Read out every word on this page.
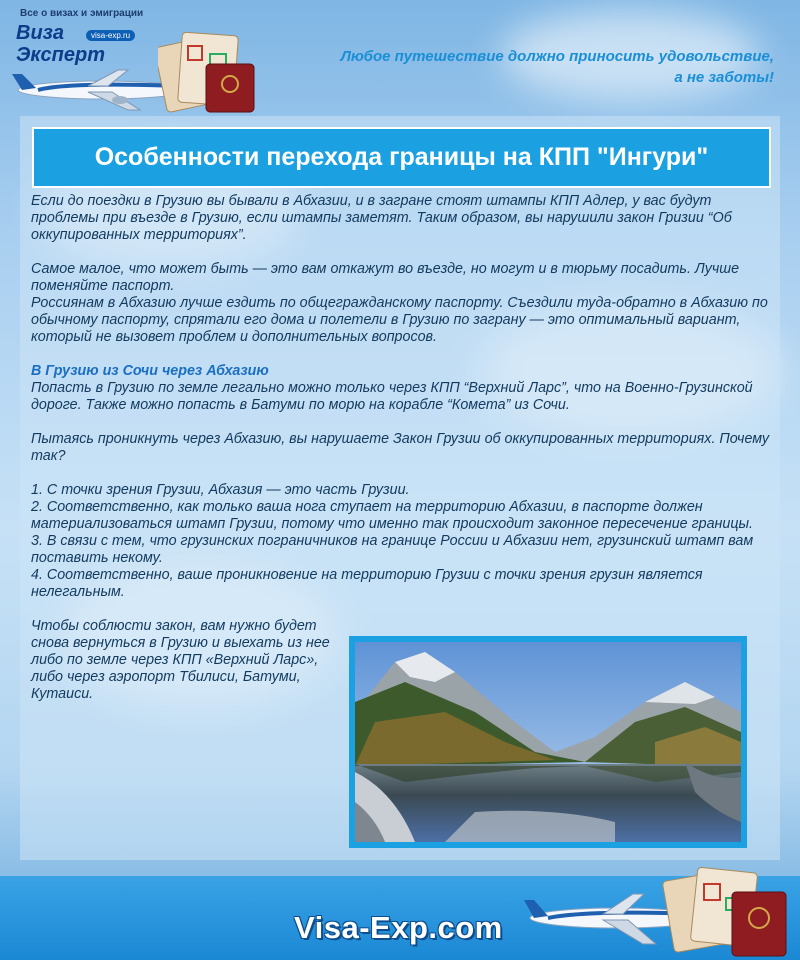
Все о визах и эмиграции
Виза	visa-exp.ru
Эксперт	Любое путешествие должно приносить удовольствие,
а не заботы!
Особенности перехода границы на КПП "Ингури"

Если до поездки в Грузию вы бывали в Абхазии, и в загране стоят штампы КПП Адлер, у вас будут проблемы при въезде в Грузию, если штампы заметят. Таким образом, вы нарушили закон Гризии “Об оккупированных территориях”.

Самое малое, что может быть — это вам откажут во въезде, но могут и в тюрьму посадить. Лучше поменяйте паспорт.

Россиянам в Абхазию лучше ездить по общегражданскому паспорту. Съездили туда-обратно в Абхазию по обычному паспорту, спрятали его дома и полетели в Грузию по заграну — это оптимальный вариант, который не вызовет проблем и дополнительных вопросов.

В Грузию из Сочи через Абхазию

Попасть в Грузию по земле легально можно только через КПП “Верхний Ларс”, что на Военно-Грузинской дороге. Также можно попасть в Батуми по морю на корабле “Комета” из Сочи.

Пытаясь проникнуть через Абхазию, вы нарушаете Закон Грузии об оккупированных территориях. Почему так?

1. С точки зрения Грузии, Абхазия — это часть Грузии.
2. Соответственно, как только ваша нога ступает на территорию Абхазии, в паспорте должен материализоваться штамп Грузии, потому что именно так происходит законное пересечение границы.
3. В связи с тем, что грузинских пограничников на границе России и Абхазии нет, грузинский штамп вам поставить некому.
4. Соответственно, ваше проникновение на территорию Грузии с точки зрения грузин является нелегальным.

Чтобы соблюсти закон, вам нужно будет снова вернуться в Грузию и выехать из нее либо по земле через КПП «Верхний Ларс», либо через аэропорт Тбилиси, Батуми, Кутаиси.

Visa-Exp.com
